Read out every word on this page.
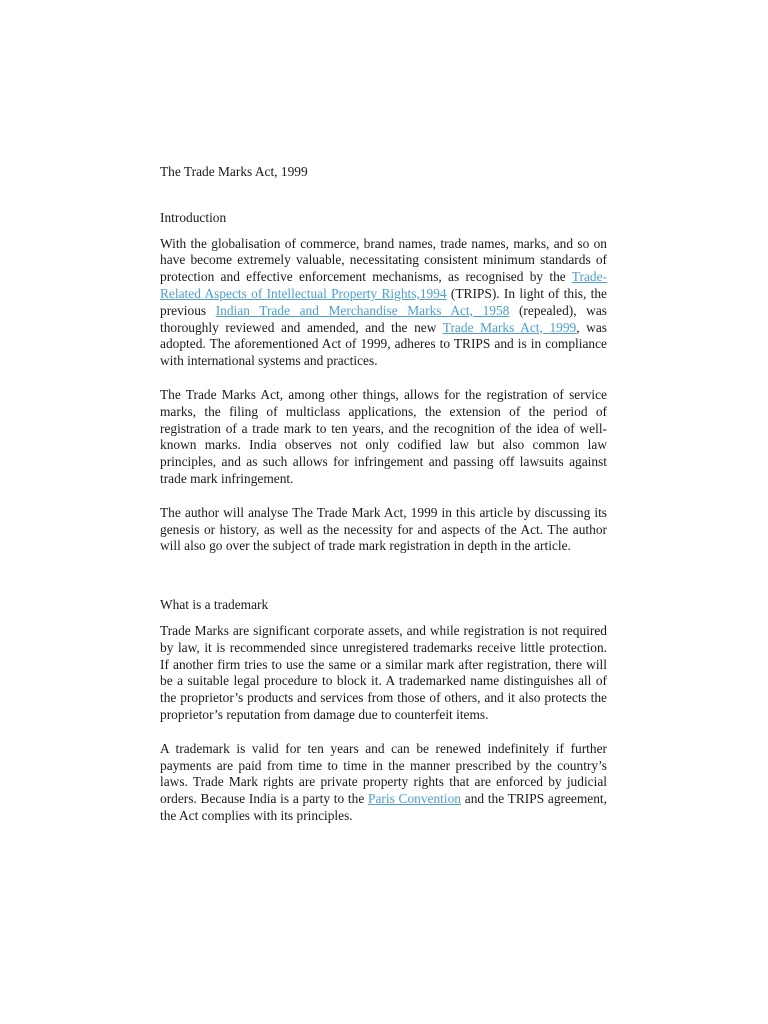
The Trade Marks Act, 1999

Introduction

With the globalisation of commerce, brand names, trade names, marks, and so on have become extremely valuable, necessitating consistent minimum standards of protection and effective enforcement mechanisms, as recognised by the Trade-Related Aspects of Intellectual Property Rights,1994 (TRIPS). In light of this, the previous Indian Trade and Merchandise Marks Act, 1958 (repealed), was thoroughly reviewed and amended, and the new Trade Marks Act, 1999, was adopted. The aforementioned Act of 1999, adheres to TRIPS and is in compliance with international systems and practices.

The Trade Marks Act, among other things, allows for the registration of service marks, the filing of multiclass applications, the extension of the period of registration of a trade mark to ten years, and the recognition of the idea of well-known marks. India observes not only codified law but also common law principles, and as such allows for infringement and passing off lawsuits against trade mark infringement.

The author will analyse The Trade Mark Act, 1999 in this article by discussing its genesis or history, as well as the necessity for and aspects of the Act. The author will also go over the subject of trade mark registration in depth in the article.

What is a trademark

Trade Marks are significant corporate assets, and while registration is not required by law, it is recommended since unregistered trademarks receive little protection. If another firm tries to use the same or a similar mark after registration, there will be a suitable legal procedure to block it. A trademarked name distinguishes all of the proprietor’s products and services from those of others, and it also protects the proprietor’s reputation from damage due to counterfeit items.

A trademark is valid for ten years and can be renewed indefinitely if further payments are paid from time to time in the manner prescribed by the country’s laws. Trade Mark rights are private property rights that are enforced by judicial orders. Because India is a party to the Paris Convention and the TRIPS agreement, the Act complies with its principles.
